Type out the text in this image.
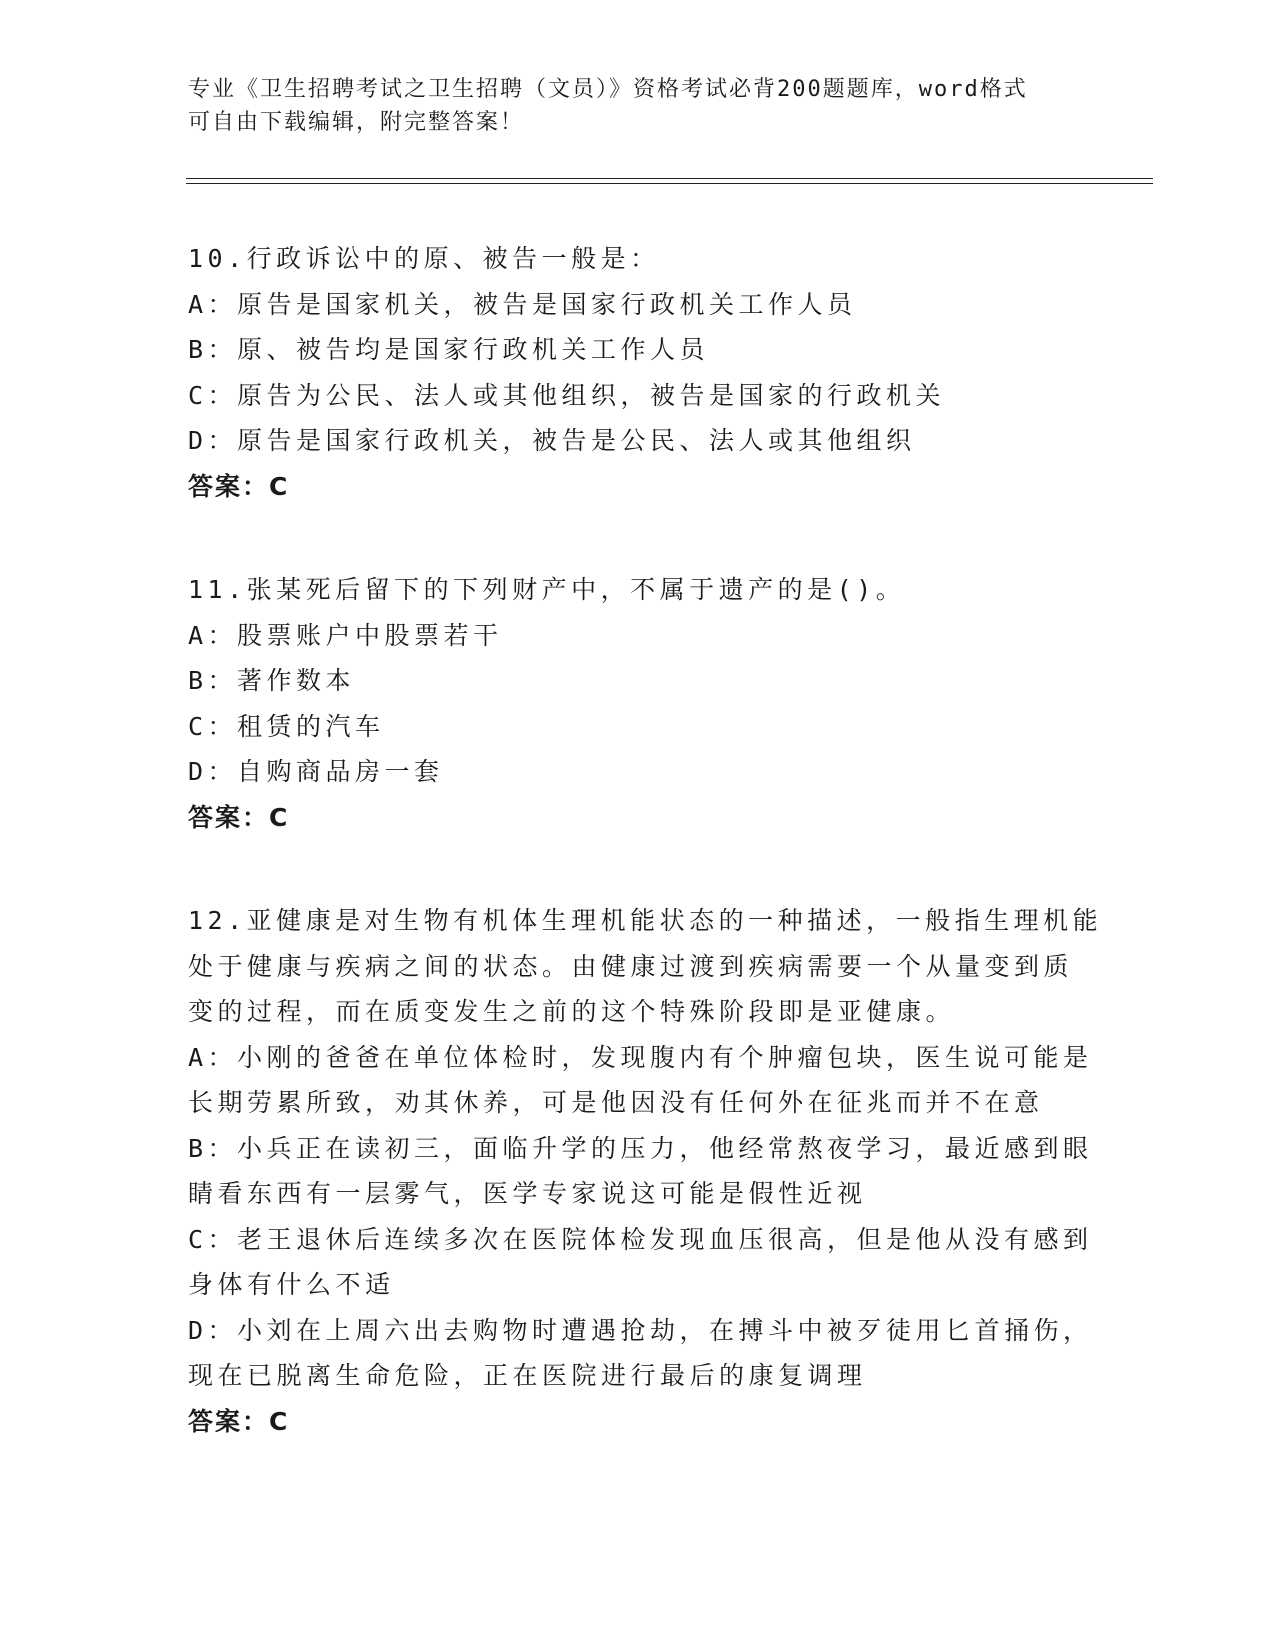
专业《卫生招聘考试之卫生招聘（文员）》资格考试必背200题题库，word格式
可自由下载编辑，附完整答案！
10.行政诉讼中的原、被告一般是：
A：原告是国家机关，被告是国家行政机关工作人员
B：原、被告均是国家行政机关工作人员
C：原告为公民、法人或其他组织，被告是国家的行政机关
D：原告是国家行政机关，被告是公民、法人或其他组织
答案：C
11.张某死后留下的下列财产中，不属于遗产的是()。
A：股票账户中股票若干
B：著作数本
C：租赁的汽车
D：自购商品房一套
答案：C
12.亚健康是对生物有机体生理机能状态的一种描述，一般指生理机能
处于健康与疾病之间的状态。由健康过渡到疾病需要一个从量变到质
变的过程，而在质变发生之前的这个特殊阶段即是亚健康。
A：小刚的爸爸在单位体检时，发现腹内有个肿瘤包块，医生说可能是
长期劳累所致，劝其休养，可是他因没有任何外在征兆而并不在意
B：小兵正在读初三，面临升学的压力，他经常熬夜学习，最近感到眼
睛看东西有一层雾气，医学专家说这可能是假性近视
C：老王退休后连续多次在医院体检发现血压很高，但是他从没有感到
身体有什么不适
D：小刘在上周六出去购物时遭遇抢劫，在搏斗中被歹徒用匕首捅伤，
现在已脱离生命危险，正在医院进行最后的康复调理
答案：C
